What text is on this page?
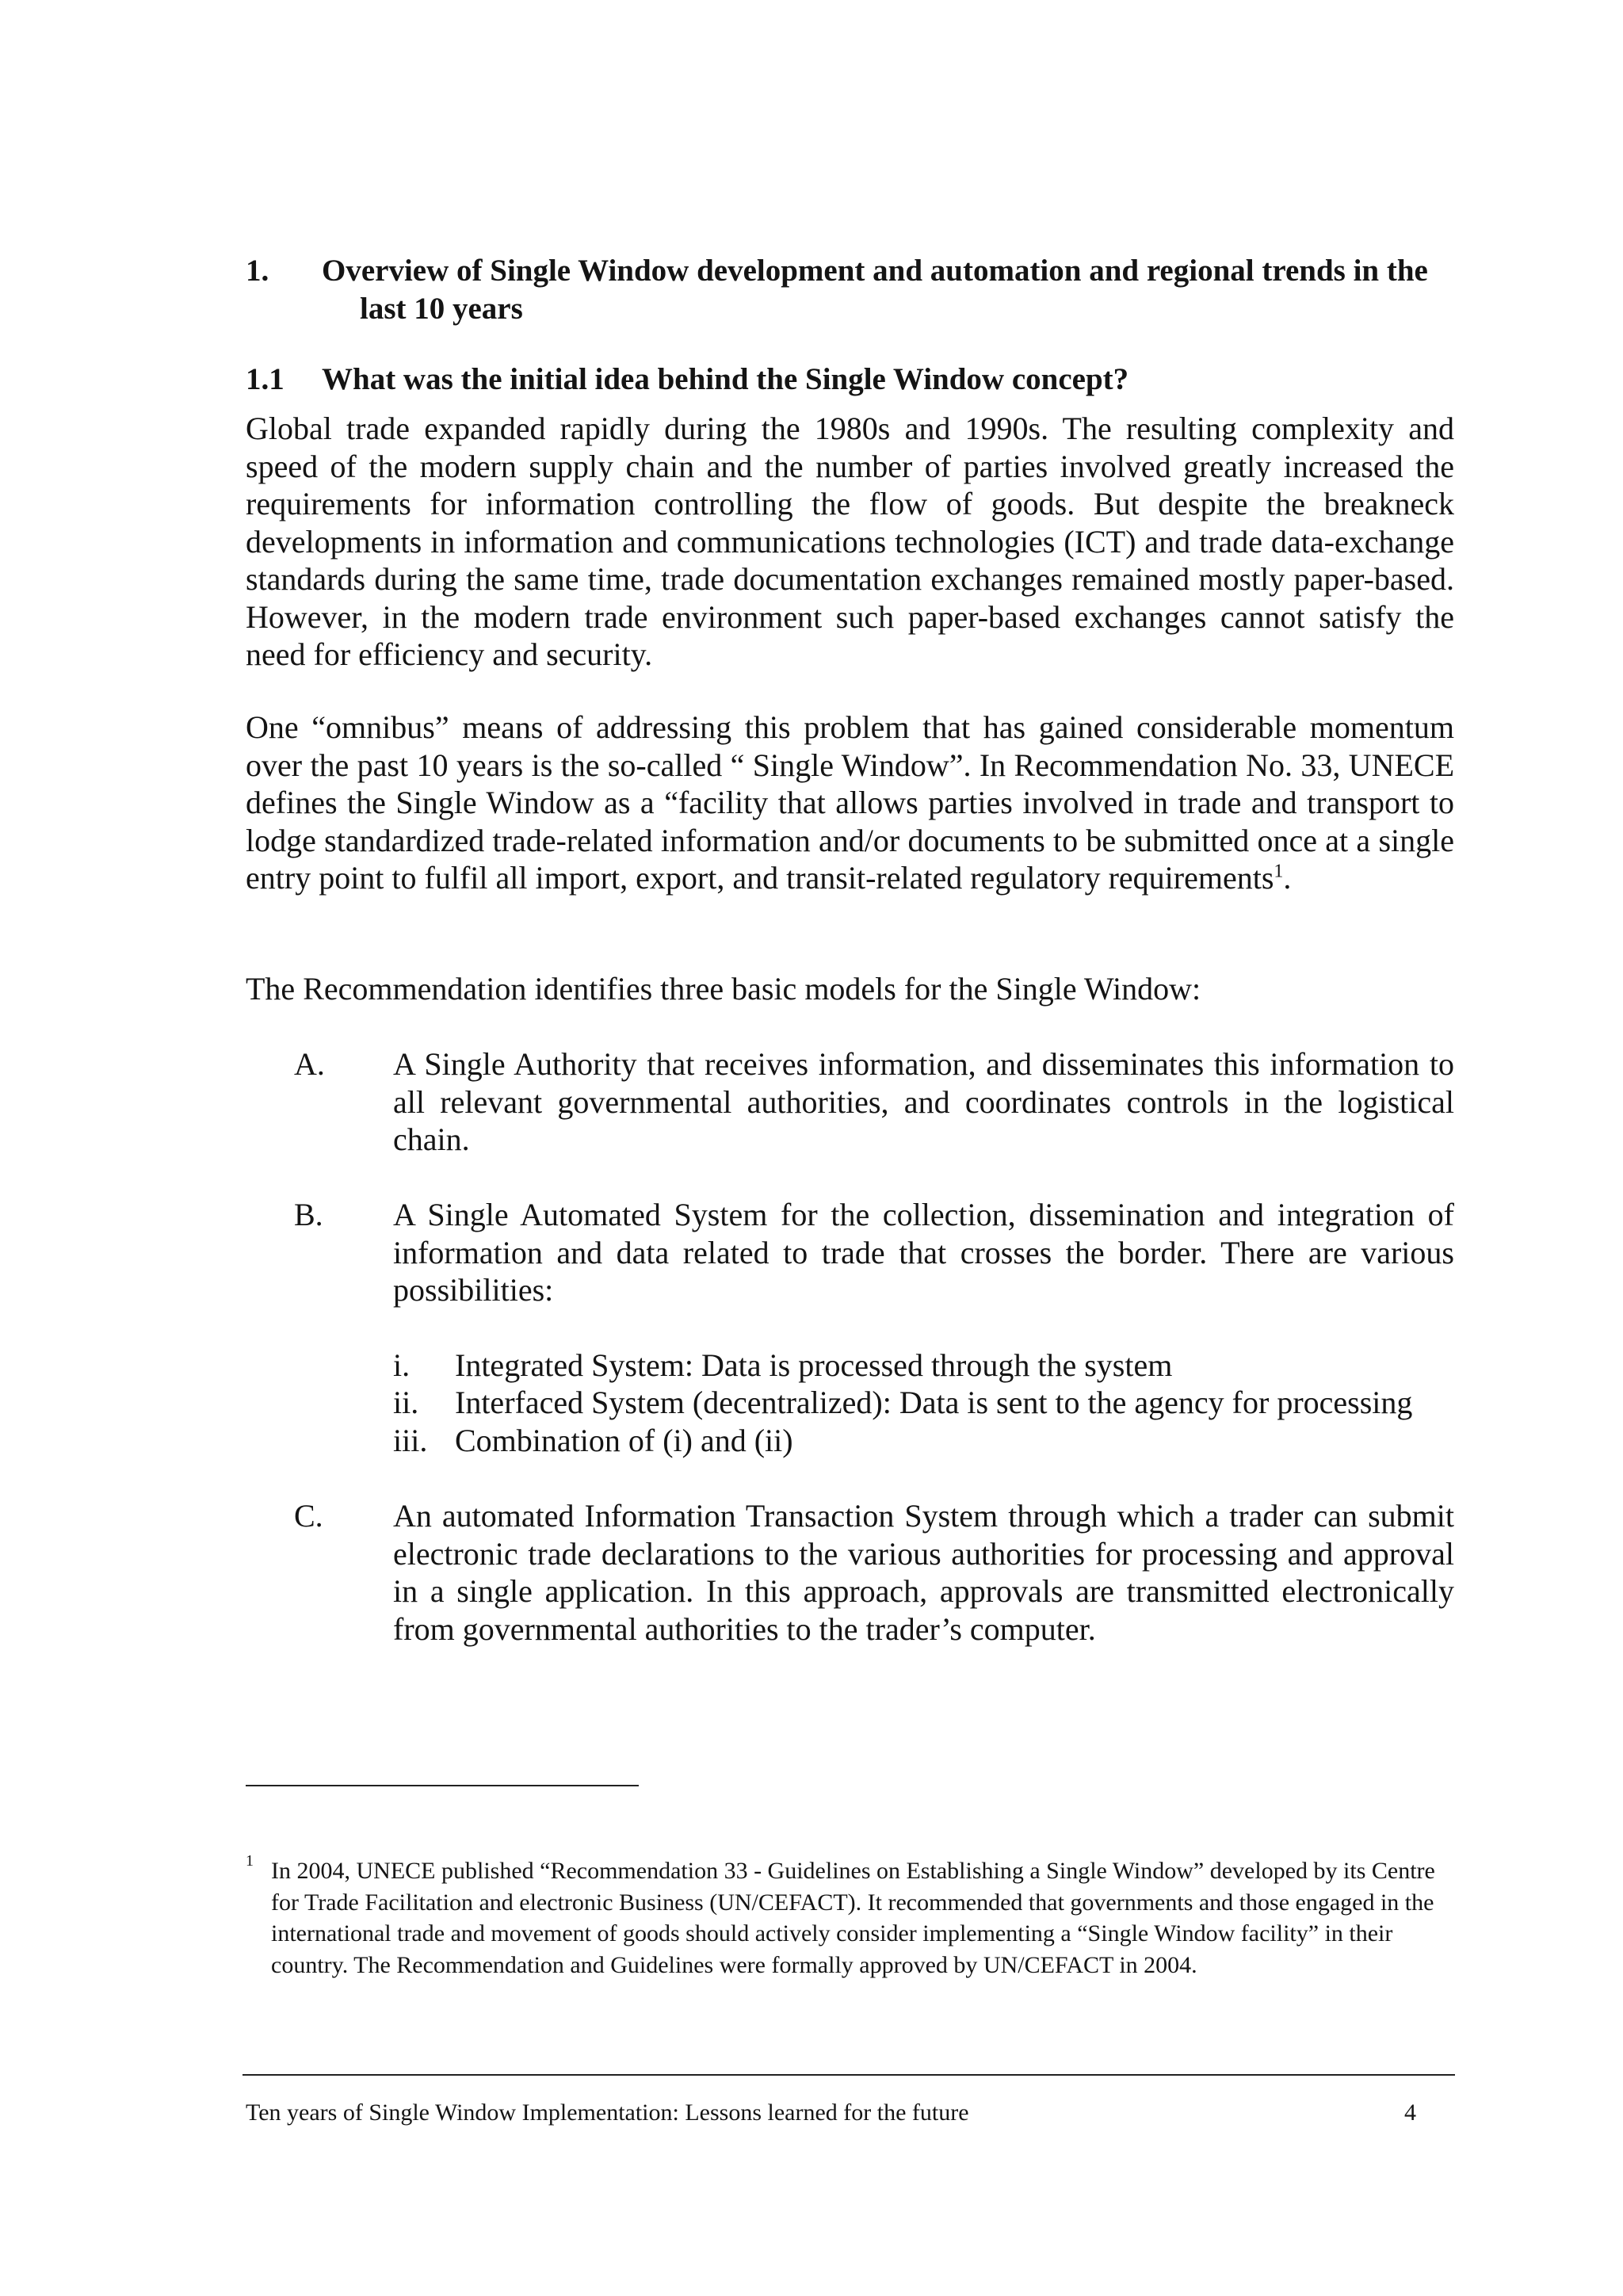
1. Overview of Single Window development and automation and regional trends in the last 10 years
1.1 What was the initial idea behind the Single Window concept?
Global trade expanded rapidly during the 1980s and 1990s. The resulting complexity and speed of the modern supply chain and the number of parties involved greatly increased the requirements for information controlling the flow of goods. But despite the breakneck developments in information and communications technologies (ICT) and trade data-exchange standards during the same time, trade documentation exchanges remained mostly paper-based. However, in the modern trade environment such paper-based exchanges cannot satisfy the need for efficiency and security.
One “omnibus” means of addressing this problem that has gained considerable momentum over the past 10 years is the so-called “ Single Window”. In Recommendation No. 33, UNECE defines the Single Window as a “facility that allows parties involved in trade and transport to lodge standardized trade-related information and/or documents to be submitted once at a single entry point to fulfil all import, export, and transit-related regulatory requirements$^1$.
The Recommendation identifies three basic models for the Single Window:
A. A Single Authority that receives information, and disseminates this information to all relevant governmental authorities, and coordinates controls in the logistical chain.
B. A Single Automated System for the collection, dissemination and integration of information and data related to trade that crosses the border. There are various possibilities:
i. Integrated System: Data is processed through the system
ii. Interfaced System (decentralized): Data is sent to the agency for processing
iii. Combination of (i) and (ii)
C. An automated Information Transaction System through which a trader can submit electronic trade declarations to the various authorities for processing and approval in a single application. In this approach, approvals are transmitted electronically from governmental authorities to the trader’s computer.
1 In 2004, UNECE published “Recommendation 33 - Guidelines on Establishing a Single Window” developed by its Centre for Trade Facilitation and electronic Business (UN/CEFACT). It recommended that governments and those engaged in the international trade and movement of goods should actively consider implementing a “Single Window facility” in their country. The Recommendation and Guidelines were formally approved by UN/CEFACT in 2004.
Ten years of Single Window Implementation: Lessons learned for the future	4
